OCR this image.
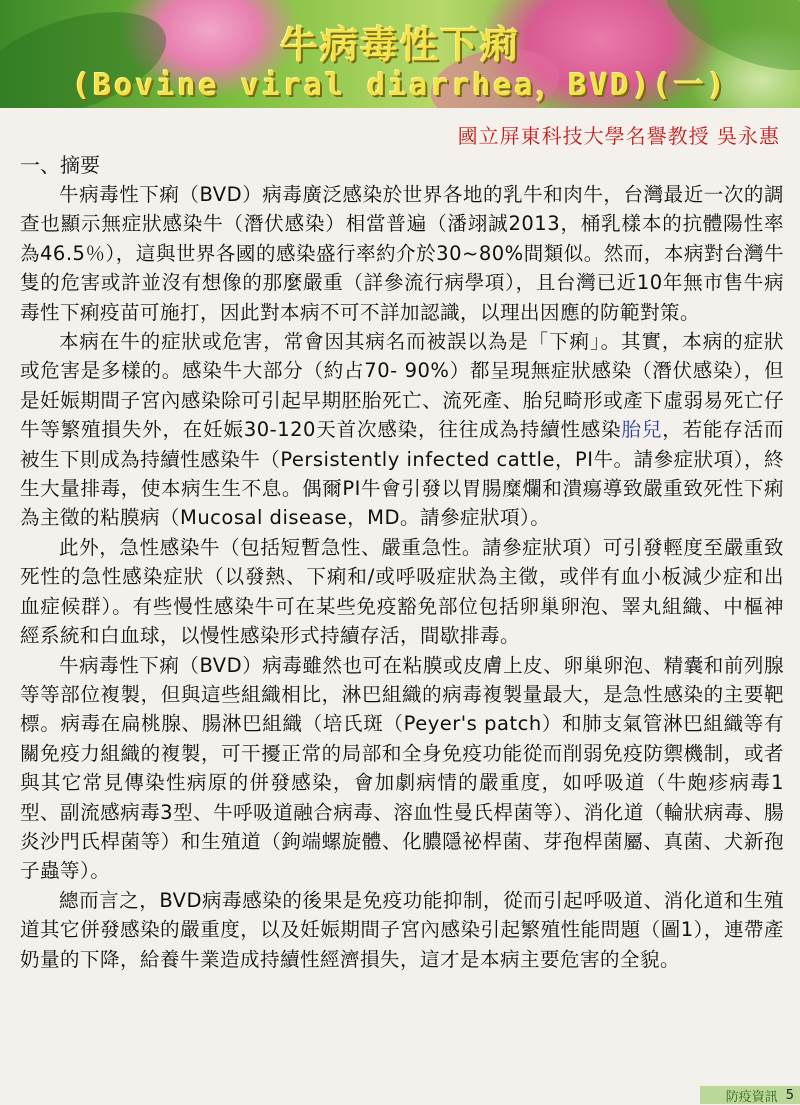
牛病毒性下痢
(Bovine viral diarrhea，BVD)(一)
國立屏東科技大學名譽教授 吳永惠

一、摘要

牛病毒性下痢（BVD）病毒廣泛感染於世界各地的乳牛和肉牛，台灣最近一次的調查也顯示無症狀感染牛（潛伏感染）相當普遍（潘翊誠2013，桶乳樣本的抗體陽性率為46.5％），這與世界各國的感染盛行率約介於30~80%間類似。然而，本病對台灣牛隻的危害或許並沒有想像的那麼嚴重（詳參流行病學項），且台灣已近10年無市售牛病毒性下痢疫苗可施打，因此對本病不可不詳加認識，以理出因應的防範對策。

本病在牛的症狀或危害，常會因其病名而被誤以為是「下痢」。其實，本病的症狀或危害是多樣的。感染牛大部分（約占70- 90%）都呈現無症狀感染（潛伏感染），但是妊娠期間子宮內感染除可引起早期胚胎死亡、流死產、胎兒畸形或產下虛弱易死亡仔牛等繁殖損失外，在妊娠30-120天首次感染，往往成為持續性感染胎兒，若能存活而被生下則成為持續性感染牛（Persistently infected cattle，PI牛。請參症狀項），終生大量排毒，使本病生生不息。偶爾PI牛會引發以胃腸糜爛和潰瘍導致嚴重致死性下痢為主徵的粘膜病（Mucosal disease，MD。請參症狀項）。

此外，急性感染牛（包括短暫急性、嚴重急性。請參症狀項）可引發輕度至嚴重致死性的急性感染症狀（以發熱、下痢和/或呼吸症狀為主徵，或伴有血小板減少症和出血症候群）。有些慢性感染牛可在某些免疫豁免部位包括卵巢卵泡、睪丸組織、中樞神經系統和白血球，以慢性感染形式持續存活，間歇排毒。

牛病毒性下痢（BVD）病毒雖然也可在粘膜或皮膚上皮、卵巢卵泡、精囊和前列腺等等部位複製，但與這些組織相比，淋巴組織的病毒複製量最大，是急性感染的主要靶標。病毒在扁桃腺、腸淋巴組織（培氏斑（Peyer's patch）和肺支氣管淋巴組織等有關免疫力組織的複製，可干擾正常的局部和全身免疫功能從而削弱免疫防禦機制，或者與其它常見傳染性病原的併發感染，會加劇病情的嚴重度，如呼吸道（牛皰疹病毒1型、副流感病毒3型、牛呼吸道融合病毒、溶血性曼氏桿菌等）、消化道（輪狀病毒、腸炎沙門氏桿菌等）和生殖道（鉤端螺旋體、化膿隱祕桿菌、芽孢桿菌屬、真菌、犬新孢子蟲等）。

總而言之，BVD病毒感染的後果是免疫功能抑制，從而引起呼吸道、消化道和生殖道其它併發感染的嚴重度，以及妊娠期間子宮內感染引起繁殖性能問題（圖1），連帶產奶量的下降，給養牛業造成持續性經濟損失，這才是本病主要危害的全貌。

防疫資訊 5
